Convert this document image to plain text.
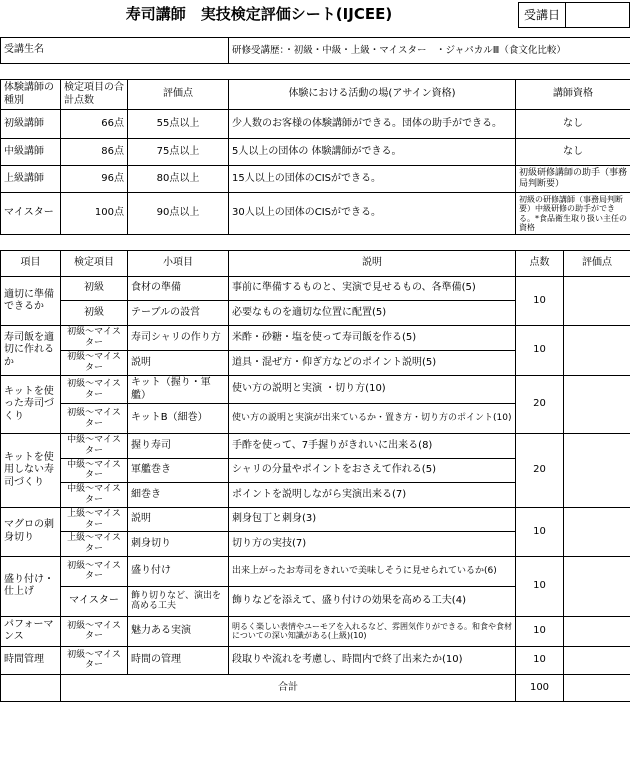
寿司講師　実技検定評価シート(IJCEE)	受講日
受講生名	研修受講歴：・初級・中級・上級・マイスター　・ジャパカルⅢ（食文化比較）
体験講師の種別	検定項目の合計点数	評価点	体験における活動の場(アサイン資格)	講師資格
初級講師	66点	55点以上	少人数のお客様の体験講師ができる。団体の助手ができる。	なし
中級講師	86点	75点以上	5人以上の団体の 体験講師ができる。	なし
上級講師	96点	80点以上	15人以上の団体のCISができる。	初級研修講師の助手（事務局判断要）
マイスター	100点	90点以上	30人以上の団体のCISができる。	初級の研修講師（事務局判断要）中級研修の助手ができる。*食品衛生取り扱い主任の資格
項目	検定項目	小項目	説明	点数	評価点
適切に準備できるか	初級	食材の準備	事前に準備するものと、実演で見せるもの、各準備(5)	10	
	初級	テーブルの設営	必要なものを適切な位置に配置(5)		
寿司飯を適切に作れるか	初級～マイスター	寿司シャリの作り方	米酢・砂糖・塩を使って寿司飯を作る(5)	10	
	初級～マイスター	説明	道具・混ぜ方・仰ぎ方などのポイント説明(5)		
キットを使った寿司づくり	初級～マイスター	キット（握り・軍艦）	使い方の説明と実演 ・切り方(10)	20	
	初級～マイスター	キットB（細巻）	使い方の説明と実演が出来ているか・置き方・切り方のポイント(10)		
キットを使用しない寿司づくり	中級～マイスター	握り寿司	手酢を使って、7手握りがきれいに出来る(8)	20	
	中級～マイスター	軍艦巻き	シャリの分量やポイントをおさえて作れる(5)		
	中級～マイスター	細巻き	ポイントを説明しながら実演出来る(7)		
マグロの刺身切り	上級～マイスター	説明	刺身包丁と刺身(3)	10	
	上級～マイスター	刺身切り	切り方の実技(7)		
盛り付け・仕上げ	初級～マイスター	盛り付け	出来上がったお寿司をきれいで美味しそうに見せられているか(6)	10	
	マイスター	飾り切りなど、演出を高める工夫	飾りなどを添えて、盛り付けの効果を高める工夫(4)		
パフォーマンス	初級～マイスター	魅力ある実演	明るく楽しい表情やユーモアを入れるなど、雰囲気作りができる。和食や食材についての深い知識がある(上級)(10)	10	
時間管理	初級～マイスター	時間の管理	段取りや流れを考慮し、時間内で終了出来たか(10)	10	
	合計			100	
